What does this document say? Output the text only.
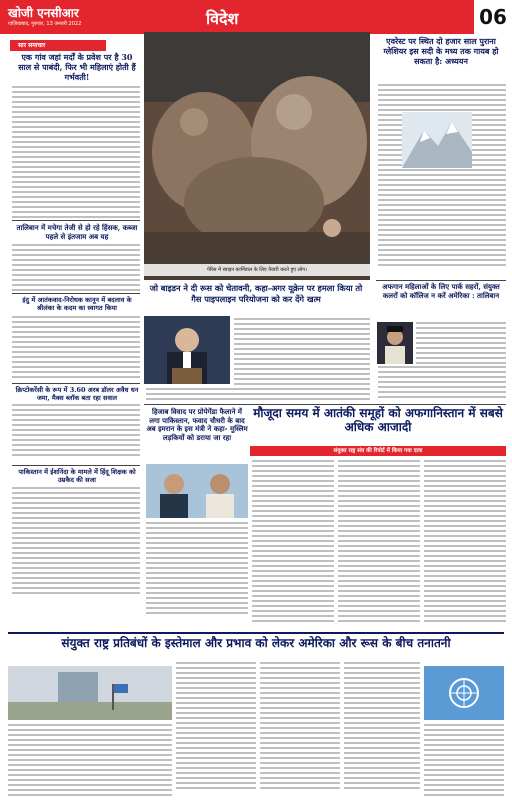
खोजी एनसीआर
ग़ाज़ियाबाद, गुरुवार, 13 जनवरी 2022	विदेश	06
सार समाचार
एक गांव जहां मर्दों के प्रवेश पर है 30 साल से पाबंदी, फिर भी महिलाएं होती हैं गर्भवती!
तालिबान में मचेगा तेजी से हो रहे हिंसक, कब्जा पहले से इंतजाम अब यह
इंदु में आतंकवाद-निरोधक कानून में बदलाव के श्रीलंका के कदम का स्वागत किया
क्रिप्टोकरेंसी के रूप में 3.60 अरब डॉलर अवैध धन जमा, मैक्स ब्लॉक बता रहा सवाल
पाकिस्तान में ईशनिंदा के मामले में हिंदू शिक्षक को उम्रकैद की सजा
पेरिस में स्वाइन कार्निवाल के लिए तैयारी करते हुए लोग।
एवरेस्ट पर स्थित दो हजार साल पुराना ग्लेशियर इस सदी के मध्य तक गायब हो सकता है: अध्ययन
जो बाइडन ने दी रूस को चेतावनी, कहा-अगर यूक्रेन पर हमला किया तो गैस पाइपलाइन परियोजना को कर देंगे खत्म
अफगान महिलाओं के लिए पार्क सहरों, संयुक्त कलरों को कॉलिज न करें अमेरिका : तालिबान
हिजाब विवाद पर प्रोपेगेंडा फैलाने में लगा पाकिस्तान, फवाद चौधरी के बाद अब इमरान के इस मंत्री ने कहा- मुस्लिम लड़कियों को डराया जा रहा
मौजूदा समय में आतंकी समूहों को अफगानिस्तान में सबसे अधिक आजादी
संयुक्त राष्ट्र संघ की रिपोर्ट में किया गया दावा
संयुक्त राष्ट्र प्रतिबंधों के इस्तेमाल और प्रभाव को लेकर अमेरिका और रूस के बीच तनातनी
